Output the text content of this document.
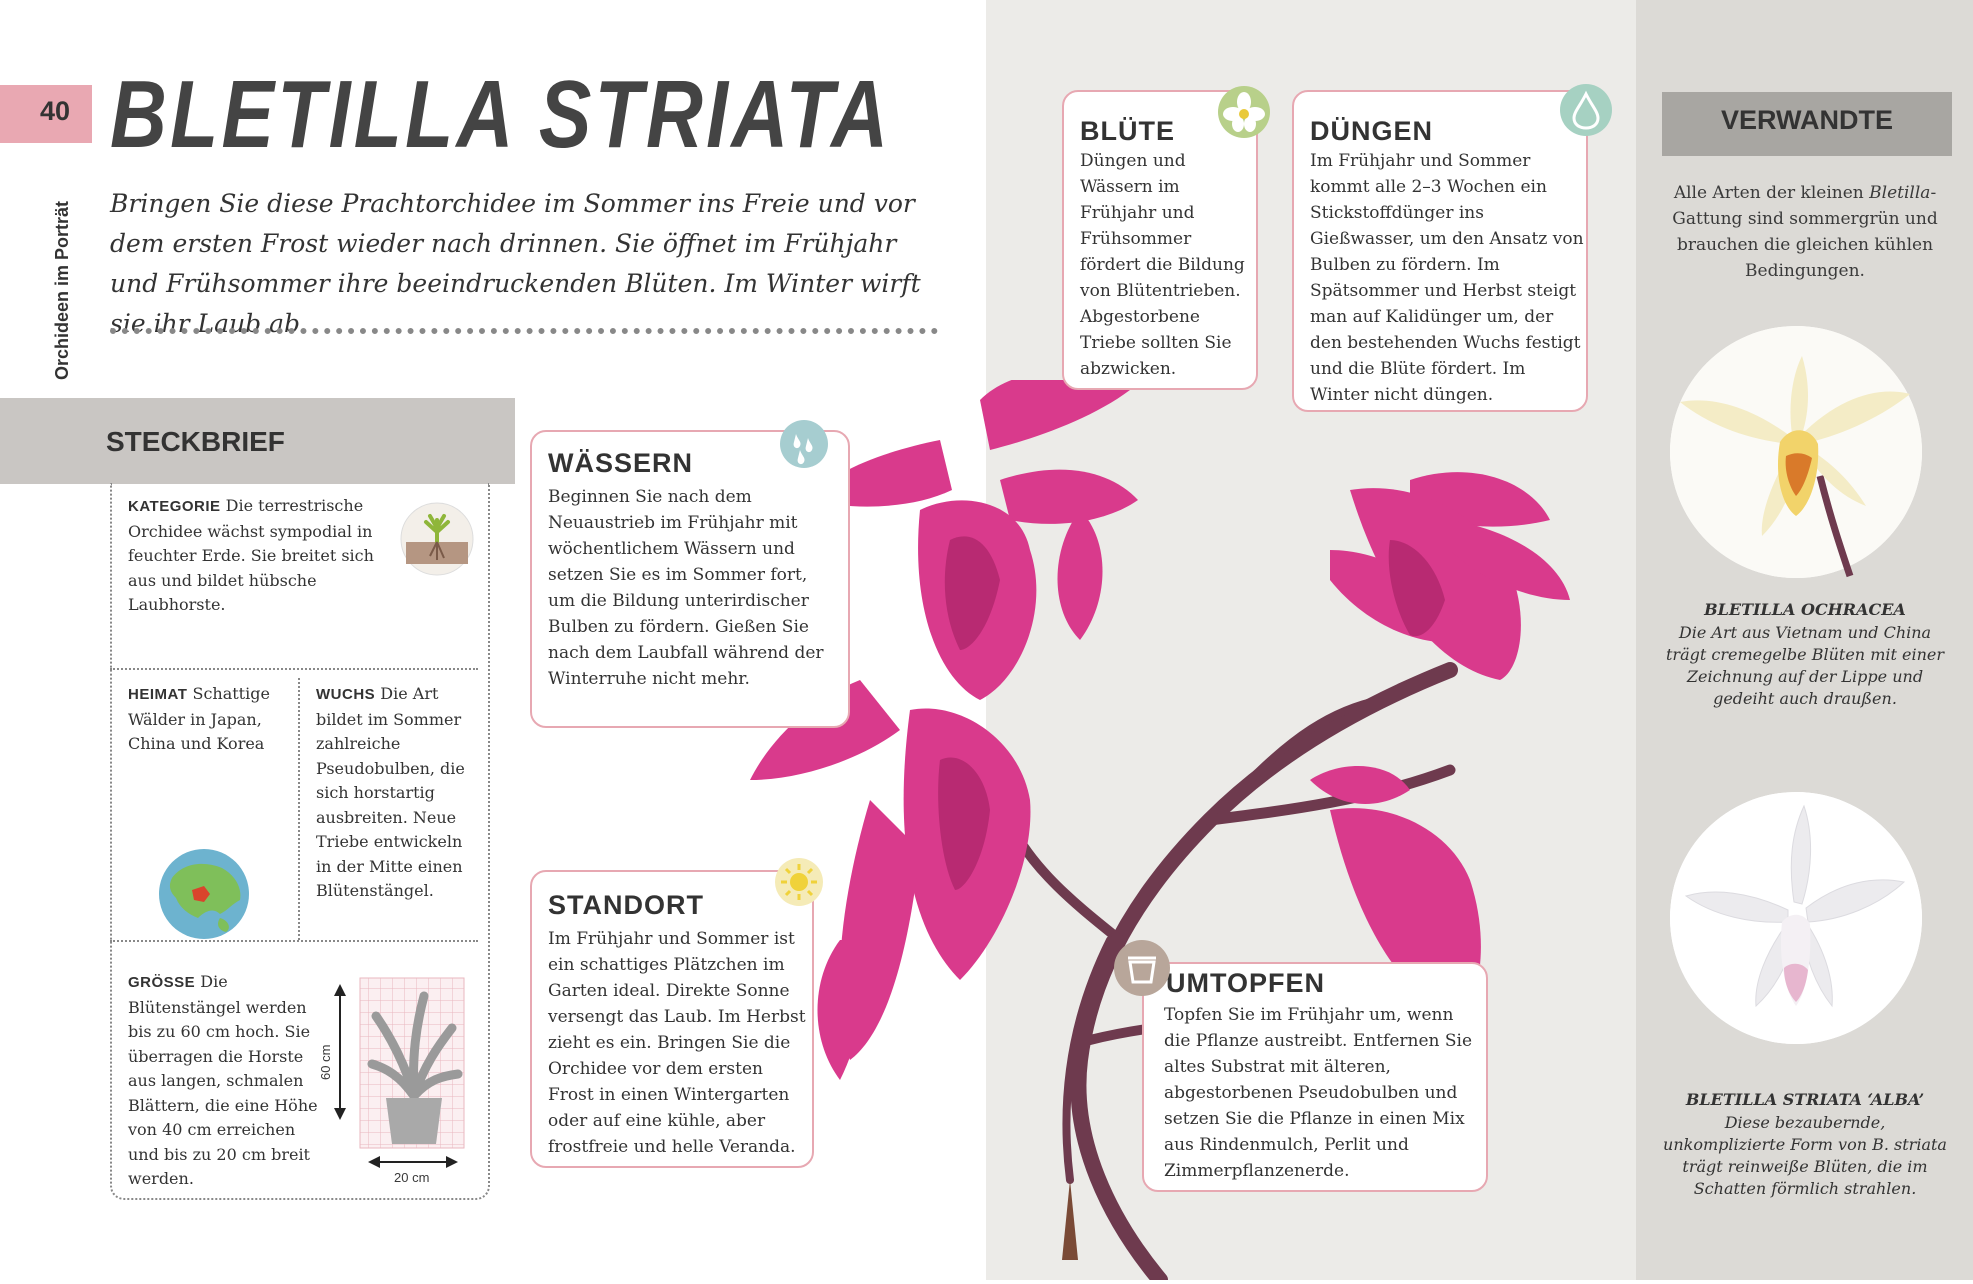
40
Orchideen im Porträt
BLETILLA STRIATA
Bringen Sie diese Prachtorchidee im Sommer ins Freie und vor dem ersten Frost wieder nach drinnen. Sie öffnet im Frühjahr und Frühsommer ihre beeindruckenden Blüten. Im Winter wirft sie ihr Laub ab.
STECKBRIEF
KATEGORIE Die terrestrische Orchidee wächst sympodial in feuchter Erde. Sie breitet sich aus und bildet hübsche Laubhorste.
HEIMAT Schattige Wälder in Japan, China und Korea
WUCHS Die Art bildet im Sommer zahlreiche Pseudobulben, die sich horstartig ausbreiten. Neue Triebe entwickeln in der Mitte einen Blütenstängel.
GRÖSSE Die Blütenstängel werden bis zu 60 cm hoch. Sie überragen die Horste aus langen, schmalen Blättern, die eine Höhe von 40 cm erreichen und bis zu 20 cm breit werden.
60 cm
20 cm
WÄSSERN
Beginnen Sie nach dem Neuaustrieb im Frühjahr mit wöchentlichem Wässern und setzen Sie es im Sommer fort, um die Bildung unterirdischer Bulben zu fördern. Gießen Sie nach dem Laubfall während der Winterruhe nicht mehr.
STANDORT
Im Frühjahr und Sommer ist ein schattiges Plätzchen im Garten ideal. Direkte Sonne versengt das Laub. Im Herbst zieht es ein. Bringen Sie die Orchidee vor dem ersten Frost in einen Wintergarten oder auf eine kühle, aber frostfreie und helle Veranda.
BLÜTE
Düngen und Wässern im Frühjahr und Frühsommer fördert die Bildung von Blütentrieben. Abgestorbene Triebe sollten Sie abzwicken.
DÜNGEN
Im Frühjahr und Sommer kommt alle 2–3 Wochen ein Stickstoffdünger ins Gießwasser, um den Ansatz von Bulben zu fördern. Im Spätsommer und Herbst steigt man auf Kalidünger um, der den bestehenden Wuchs festigt und die Blüte fördert. Im Winter nicht düngen.
UMTOPFEN
Topfen Sie im Frühjahr um, wenn die Pflanze austreibt. Entfernen Sie altes Substrat mit älteren, abgestorbenen Pseudobulben und setzen Sie die Pflanze in einen Mix aus Rindenmulch, Perlit und Zimmerpflanzenerde.
VERWANDTE
Alle Arten der kleinen Bletilla-Gattung sind sommergrün und brauchen die gleichen kühlen Bedingungen.
BLETILLA OCHRACEA
Die Art aus Vietnam und China trägt cremegelbe Blüten mit einer Zeichnung auf der Lippe und gedeiht auch draußen.
BLETILLA STRIATA ‘ALBA’
Diese bezaubernde, unkomplizierte Form von B. striata trägt reinweiße Blüten, die im Schatten förmlich strahlen.
